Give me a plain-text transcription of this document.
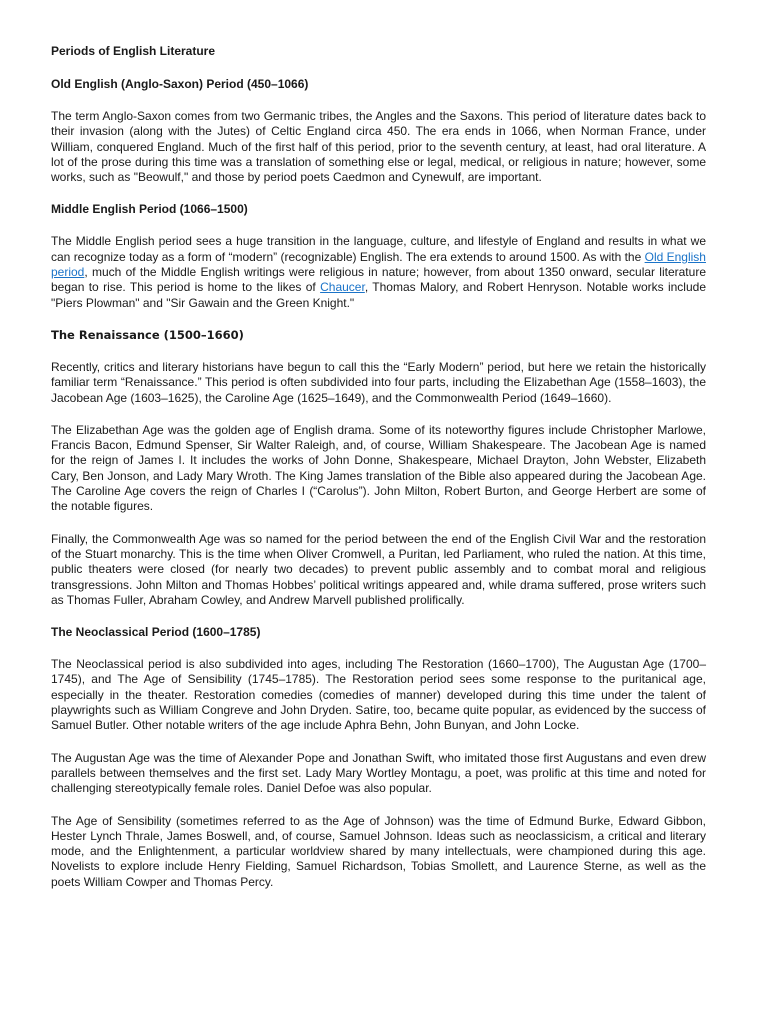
Periods of English Literature
Old English (Anglo-Saxon) Period (450–1066)

The term Anglo-Saxon comes from two Germanic tribes, the Angles and the Saxons. This period of literature dates back to their invasion (along with the Jutes) of Celtic England circa 450. The era ends in 1066, when Norman France, under William, conquered England. Much of the first half of this period, prior to the seventh century, at least, had oral literature. A lot of the prose during this time was a translation of something else or legal, medical, or religious in nature; however, some works, such as "Beowulf," and those by period poets Caedmon and Cynewulf, are important.

Middle English Period (1066–1500)

The Middle English period sees a huge transition in the language, culture, and lifestyle of England and results in what we can recognize today as a form of “modern” (recognizable) English. The era extends to around 1500. As with the Old English period, much of the Middle English writings were religious in nature; however, from about 1350 onward, secular literature began to rise. This period is home to the likes of Chaucer, Thomas Malory, and Robert Henryson. Notable works include "Piers Plowman" and "Sir Gawain and the Green Knight."

The Renaissance (1500–1660)

Recently, critics and literary historians have begun to call this the “Early Modern” period, but here we retain the historically familiar term “Renaissance.” This period is often subdivided into four parts, including the Elizabethan Age (1558–1603), the Jacobean Age (1603–1625), the Caroline Age (1625–1649), and the Commonwealth Period (1649–1660).

The Elizabethan Age was the golden age of English drama. Some of its noteworthy figures include Christopher Marlowe, Francis Bacon, Edmund Spenser, Sir Walter Raleigh, and, of course, William Shakespeare. The Jacobean Age is named for the reign of James I. It includes the works of John Donne, Shakespeare, Michael Drayton, John Webster, Elizabeth Cary, Ben Jonson, and Lady Mary Wroth. The King James translation of the Bible also appeared during the Jacobean Age. The Caroline Age covers the reign of Charles I (“Carolus”). John Milton, Robert Burton, and George Herbert are some of the notable figures.

Finally, the Commonwealth Age was so named for the period between the end of the English Civil War and the restoration of the Stuart monarchy. This is the time when Oliver Cromwell, a Puritan, led Parliament, who ruled the nation. At this time, public theaters were closed (for nearly two decades) to prevent public assembly and to combat moral and religious transgressions. John Milton and Thomas Hobbes’ political writings appeared and, while drama suffered, prose writers such as Thomas Fuller, Abraham Cowley, and Andrew Marvell published prolifically.

The Neoclassical Period (1600–1785)

The Neoclassical period is also subdivided into ages, including The Restoration (1660–1700), The Augustan Age (1700–1745), and The Age of Sensibility (1745–1785). The Restoration period sees some response to the puritanical age, especially in the theater. Restoration comedies (comedies of manner) developed during this time under the talent of playwrights such as William Congreve and John Dryden. Satire, too, became quite popular, as evidenced by the success of Samuel Butler. Other notable writers of the age include Aphra Behn, John Bunyan, and John Locke.

The Augustan Age was the time of Alexander Pope and Jonathan Swift, who imitated those first Augustans and even drew parallels between themselves and the first set. Lady Mary Wortley Montagu, a poet, was prolific at this time and noted for challenging stereotypically female roles. Daniel Defoe was also popular.

The Age of Sensibility (sometimes referred to as the Age of Johnson) was the time of Edmund Burke, Edward Gibbon, Hester Lynch Thrale, James Boswell, and, of course, Samuel Johnson. Ideas such as neoclassicism, a critical and literary mode, and the Enlightenment, a particular worldview shared by many intellectuals, were championed during this age. Novelists to explore include Henry Fielding, Samuel Richardson, Tobias Smollett, and Laurence Sterne, as well as the poets William Cowper and Thomas Percy.
